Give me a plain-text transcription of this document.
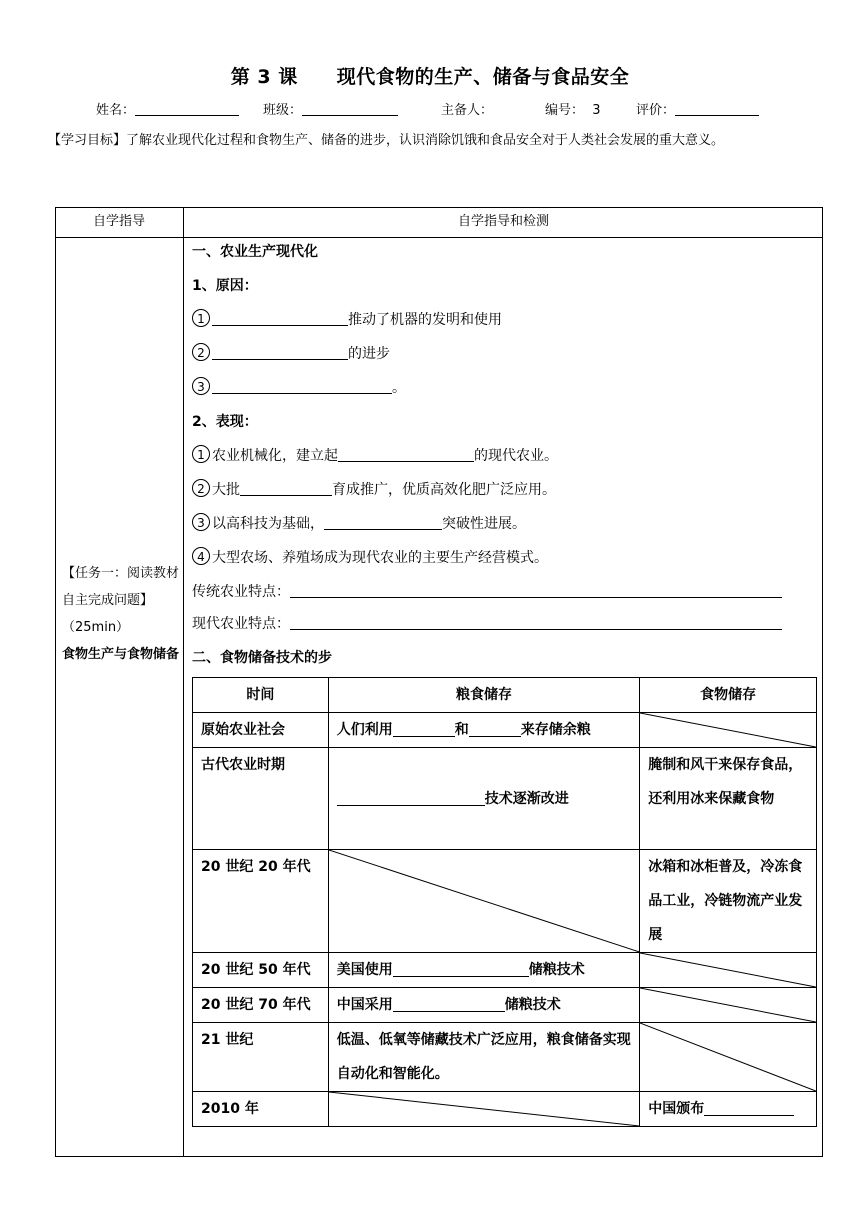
第 3 课　　现代食物的生产、储备与食品安全
姓名：	班级：	主备人：	编号： 3	评价：
【学习目标】了解农业现代化过程和食物生产、储备的进步，认识消除饥饿和食品安全对于人类社会发展的重大意义。
自学指导	自学指导和检测
【任务一：阅读教材自主完成问题】（25min）
食物生产与食物储备
一、农业生产现代化
1、原因：
1	推动了机器的发明和使用
2	的进步
3	。
2、表现：
1 农业机械化，建立起	的现代农业。
2 大批	育成推广，优质高效化肥广泛应用。
3 以高科技为基础，	突破性进展。
4 大型农场、养殖场成为现代农业的主要生产经营模式。
传统农业特点：
现代农业特点：
二、食物储备技术的步
时间	粮食储存	食物储存
原始农业社会	人们利用 和 来存储余粮	

古代农业时期	技术逐渐改进	腌制和风干来保存食品，还利用冰来保藏食物
20 世纪 20 年代		冰箱和冰柜普及，冷冻食品工业，冷链物流产业发展
20 世纪 50 年代	美国使用 储粮技术	

20 世纪 70 年代	中国采用 储粮技术	

21 世纪	低温、低氧等储藏技术广泛应用，粮食储备实现自动化和智能化。	

2010 年		中国颁布
